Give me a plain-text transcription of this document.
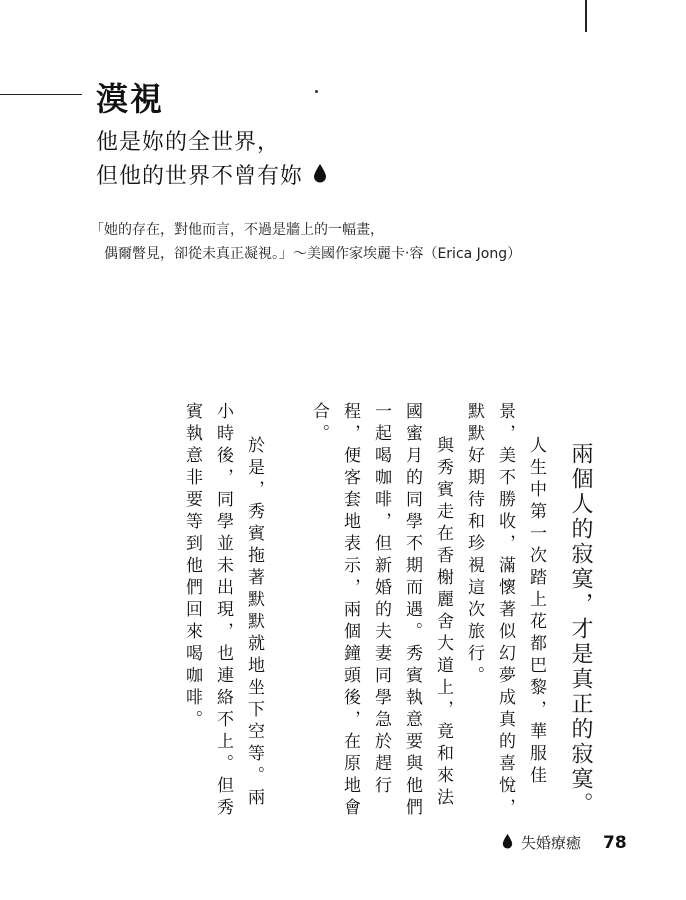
漠視
他是妳的全世界，
但他的世界不曾有妳
「她的存在，對他而言，不過是牆上的一幅畫，
偶爾瞥見，卻從未真正凝視。」～美國作家埃麗卡‧容（Erica Jong）

兩個人的寂寞，才是真正的寂寞。

人生中第一次踏上花都巴黎，華服佳景，美不勝收，滿懷著似幻夢成真的喜悅，默默好期待和珍視這次旅行。

與秀賓走在香榭麗舍大道上，竟和來法國蜜月的同學不期而遇。秀賓執意要與他們一起喝咖啡，但新婚的夫妻同學急於趕行程，便客套地表示，兩個鐘頭後，在原地會合。

於是，秀賓拖著默默就地坐下空等。兩小時後，同學並未出現，也連絡不上。但秀賓執意非要等到他們回來喝咖啡。

失婚療癒 78
